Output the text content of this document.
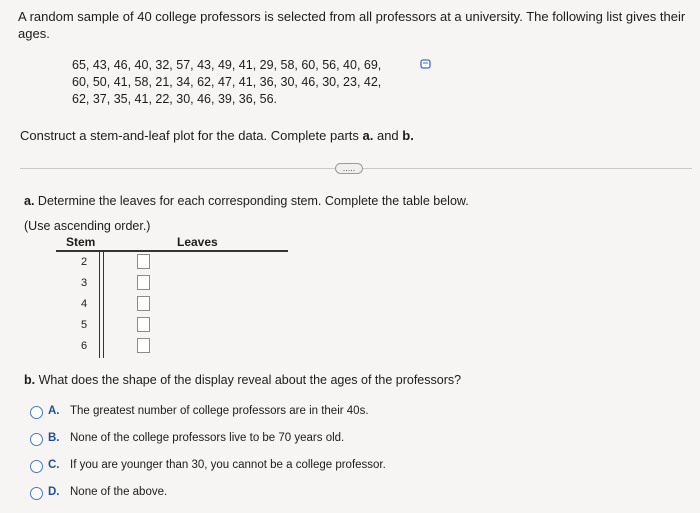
A random sample of 40 college professors is selected from all professors at a university. The following list gives their ages.
65, 43, 46, 40, 32, 57, 43, 49, 41, 29, 58, 60, 56, 40, 69,
60, 50, 41, 58, 21, 34, 62, 47, 41, 36, 30, 46, 30, 23, 42,
62, 37, 35, 41, 22, 30, 46, 39, 36, 56.
Construct a stem-and-leaf plot for the data. Complete parts a. and b.
.....
a. Determine the leaves for each corresponding stem. Complete the table below.
(Use ascending order.)
Stem	Leaves
2
3
4
5
6
b. What does the shape of the display reveal about the ages of the professors?
A. The greatest number of college professors are in their 40s.
B. None of the college professors live to be 70 years old.
C. If you are younger than 30, you cannot be a college professor.
D. None of the above.
